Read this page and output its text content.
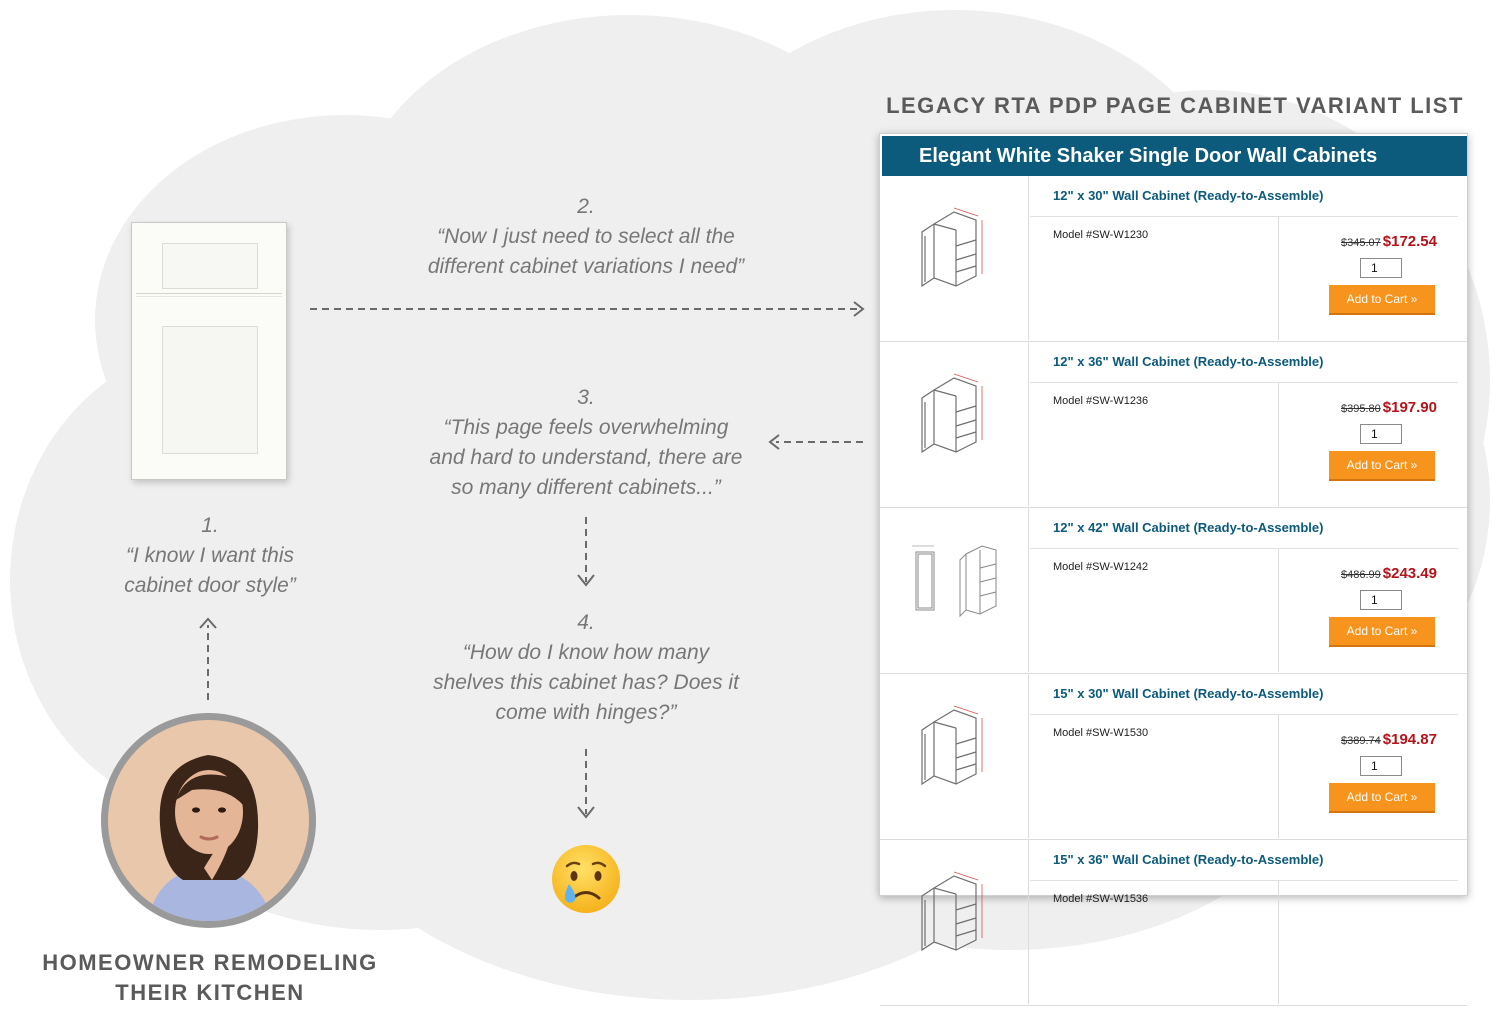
1.
“I know I want this
cabinet door style”
2.
“Now I just need to select all the
different cabinet variations I need”
3.
“This page feels overwhelming
and hard to understand, there are
so many different cabinets...”
4.
“How do I know how many
shelves this cabinet has? Does it
come with hinges?”
HOMEOWNER REMODELING
THEIR KITCHEN
LEGACY RTA PDP PAGE CABINET VARIANT LIST
Elegant White Shaker Single Door Wall Cabinets
12" x 30" Wall Cabinet (Ready-to-Assemble)
Model #SW-W1230
$345.07 $172.54
1
Add to Cart »
12" x 36" Wall Cabinet (Ready-to-Assemble)
Model #SW-W1236
$395.80 $197.90
1
Add to Cart »
12" x 42" Wall Cabinet (Ready-to-Assemble)
Model #SW-W1242
$486.99 $243.49
1
Add to Cart »
15" x 30" Wall Cabinet (Ready-to-Assemble)
Model #SW-W1530
$389.74 $194.87
1
Add to Cart »
15" x 36" Wall Cabinet (Ready-to-Assemble)
Model #SW-W1536
